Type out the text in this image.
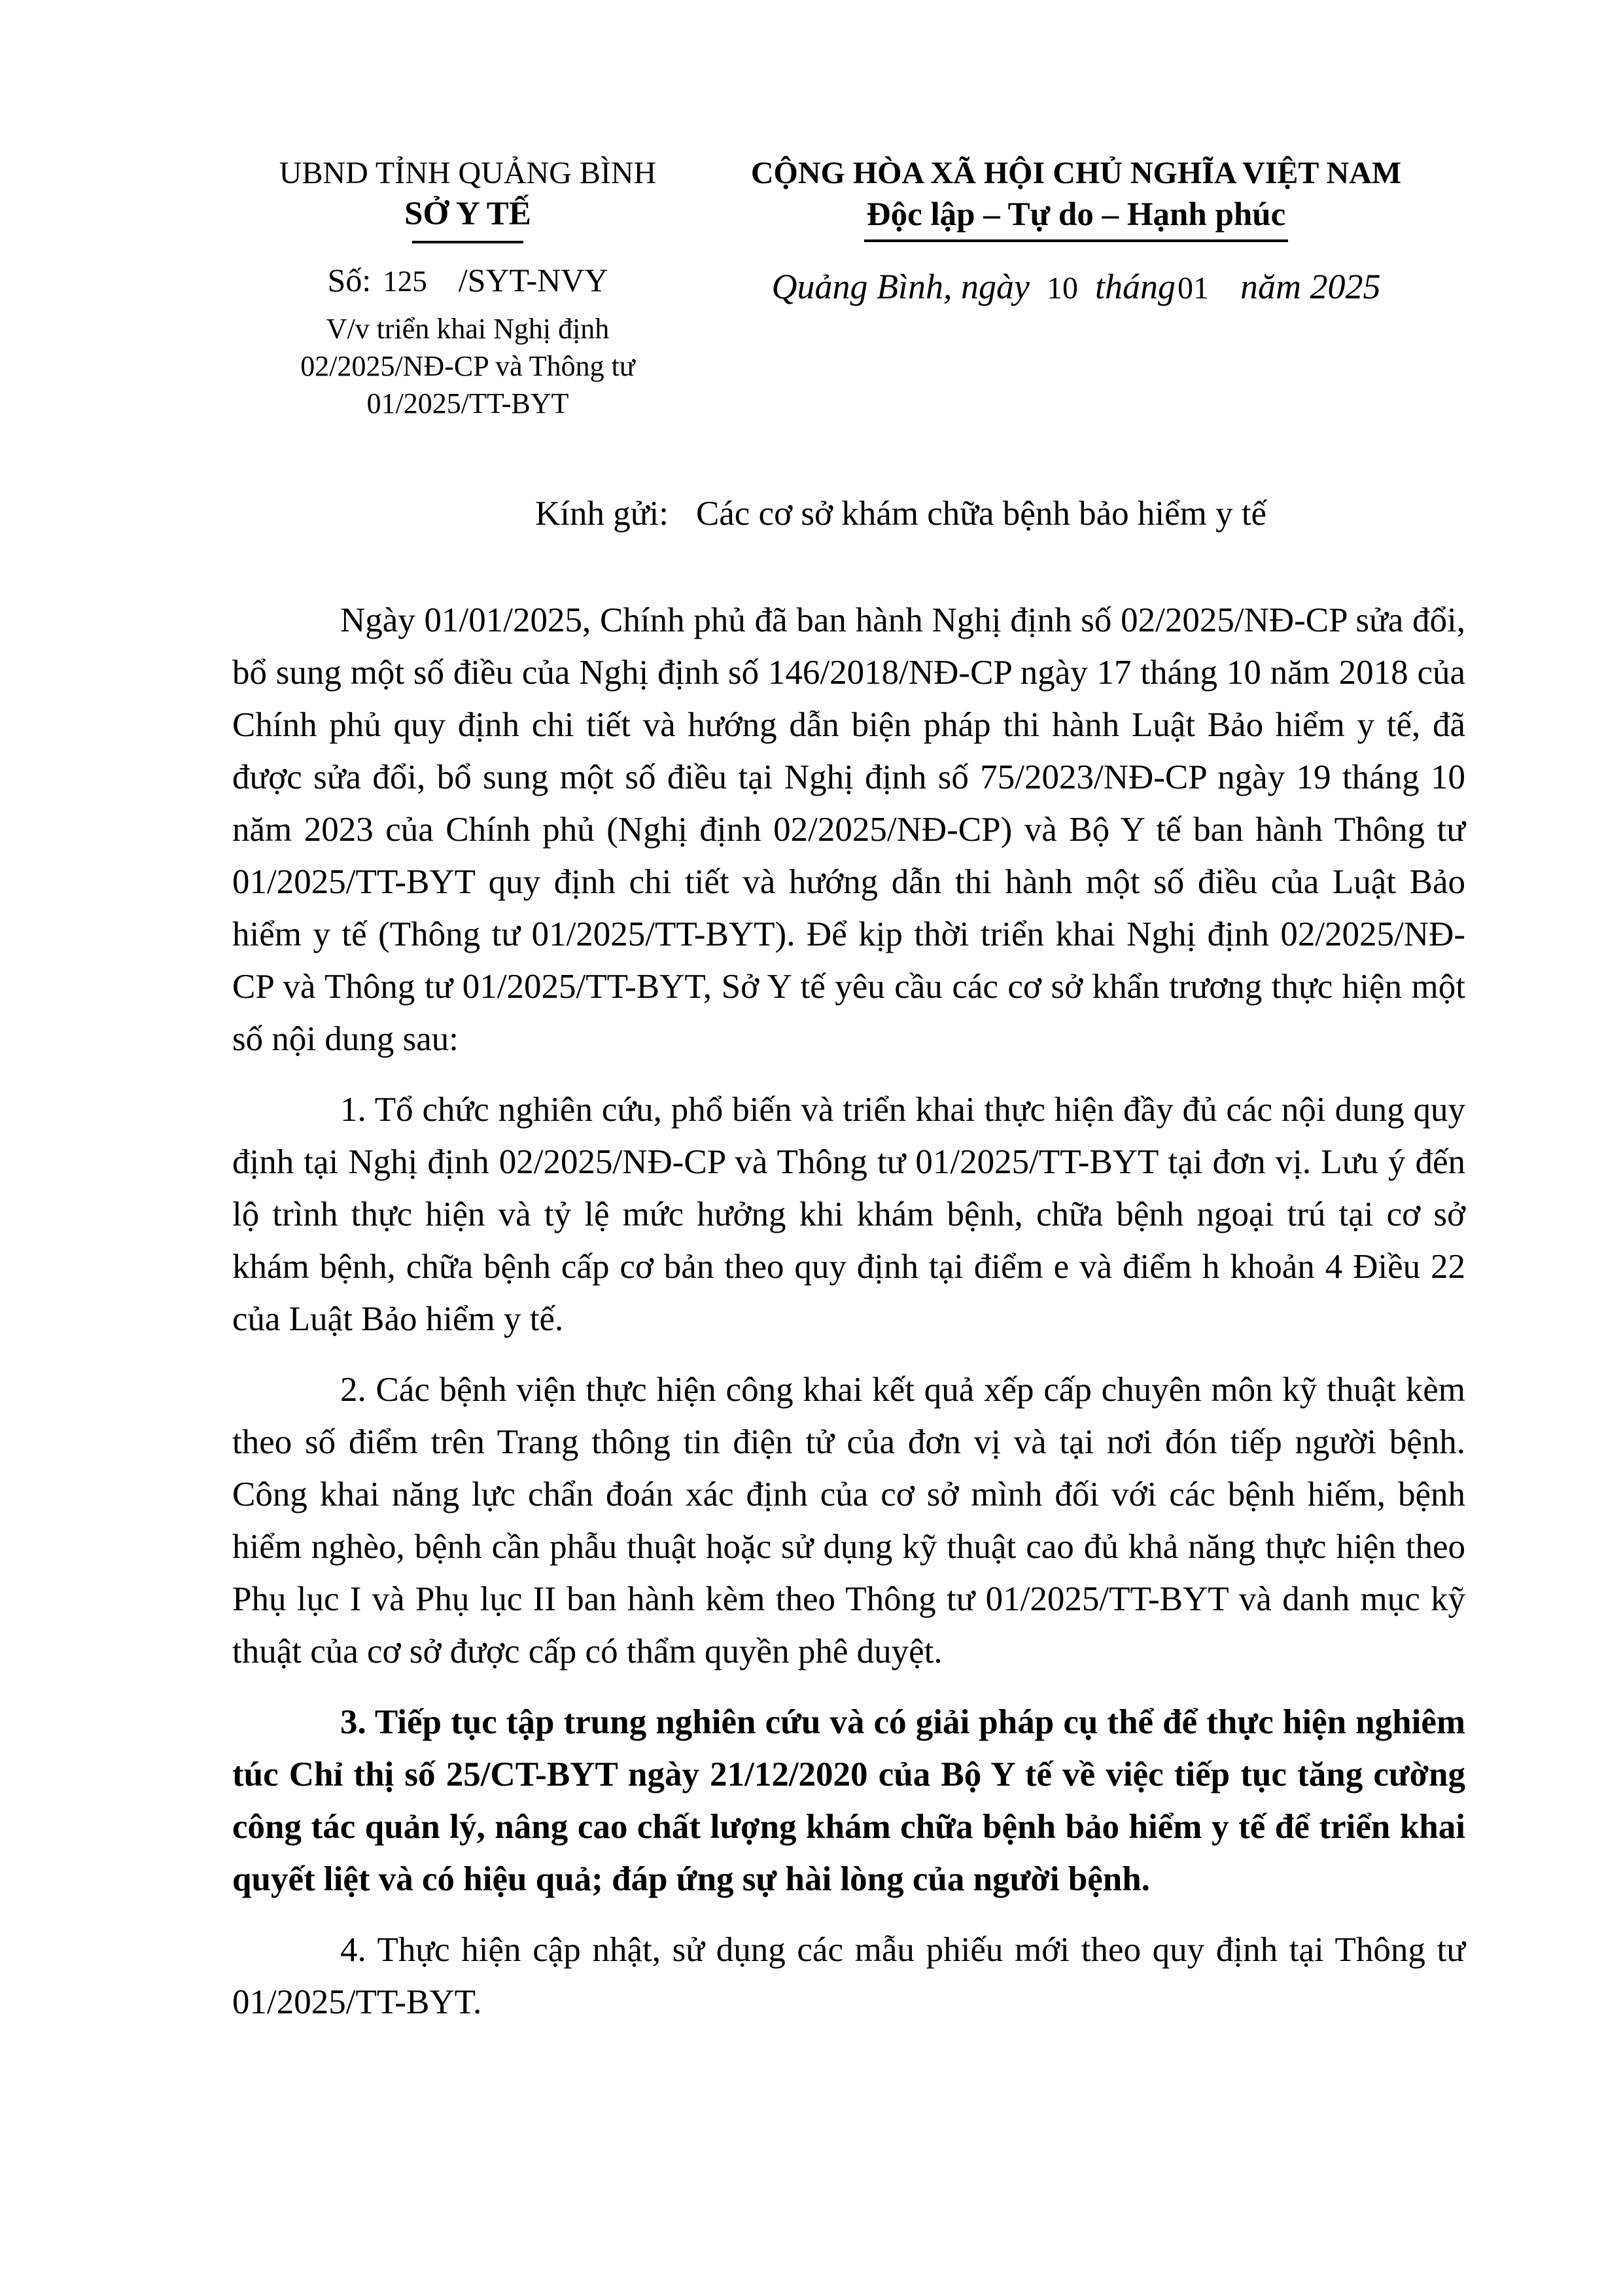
UBND TỈNH QUẢNG BÌNH
SỞ Y TẾ
Số: 125 /SYT-NVY
V/v triển khai Nghị định
02/2025/NĐ-CP và Thông tư
01/2025/TT-BYT
CỘNG HÒA XÃ HỘI CHỦ NGHĨA VIỆT NAM
Độc lập – Tự do – Hạnh phúc
Quảng Bình, ngày 10 tháng01 năm 2025
Kính gửi: Các cơ sở khám chữa bệnh bảo hiểm y tế

Ngày 01/01/2025, Chính phủ đã ban hành Nghị định số 02/2025/NĐ-CP sửa đổi, bổ sung một số điều của Nghị định số 146/2018/NĐ-CP ngày 17 tháng 10 năm 2018 của Chính phủ quy định chi tiết và hướng dẫn biện pháp thi hành Luật Bảo hiểm y tế, đã được sửa đổi, bổ sung một số điều tại Nghị định số 75/2023/NĐ-CP ngày 19 tháng 10 năm 2023 của Chính phủ (Nghị định 02/2025/NĐ-CP) và Bộ Y tế ban hành Thông tư 01/2025/TT-BYT quy định chi tiết và hướng dẫn thi hành một số điều của Luật Bảo hiểm y tế (Thông tư 01/2025/TT-BYT). Để kịp thời triển khai Nghị định 02/2025/NĐ-CP và Thông tư 01/2025/TT-BYT, Sở Y tế yêu cầu các cơ sở khẩn trương thực hiện một số nội dung sau:

1. Tổ chức nghiên cứu, phổ biến và triển khai thực hiện đầy đủ các nội dung quy định tại Nghị định 02/2025/NĐ-CP và Thông tư 01/2025/TT-BYT tại đơn vị. Lưu ý đến lộ trình thực hiện và tỷ lệ mức hưởng khi khám bệnh, chữa bệnh ngoại trú tại cơ sở khám bệnh, chữa bệnh cấp cơ bản theo quy định tại điểm e và điểm h khoản 4 Điều 22 của Luật Bảo hiểm y tế.

2. Các bệnh viện thực hiện công khai kết quả xếp cấp chuyên môn kỹ thuật kèm theo số điểm trên Trang thông tin điện tử của đơn vị và tại nơi đón tiếp người bệnh. Công khai năng lực chẩn đoán xác định của cơ sở mình đối với các bệnh hiếm, bệnh hiểm nghèo, bệnh cần phẫu thuật hoặc sử dụng kỹ thuật cao đủ khả năng thực hiện theo Phụ lục I và Phụ lục II ban hành kèm theo Thông tư 01/2025/TT-BYT và danh mục kỹ thuật của cơ sở được cấp có thẩm quyền phê duyệt.

3. Tiếp tục tập trung nghiên cứu và có giải pháp cụ thể để thực hiện nghiêm túc Chỉ thị số 25/CT-BYT ngày 21/12/2020 của Bộ Y tế về việc tiếp tục tăng cường công tác quản lý, nâng cao chất lượng khám chữa bệnh bảo hiểm y tế để triển khai quyết liệt và có hiệu quả; đáp ứng sự hài lòng của người bệnh.

4. Thực hiện cập nhật, sử dụng các mẫu phiếu mới theo quy định tại Thông tư 01/2025/TT-BYT.
